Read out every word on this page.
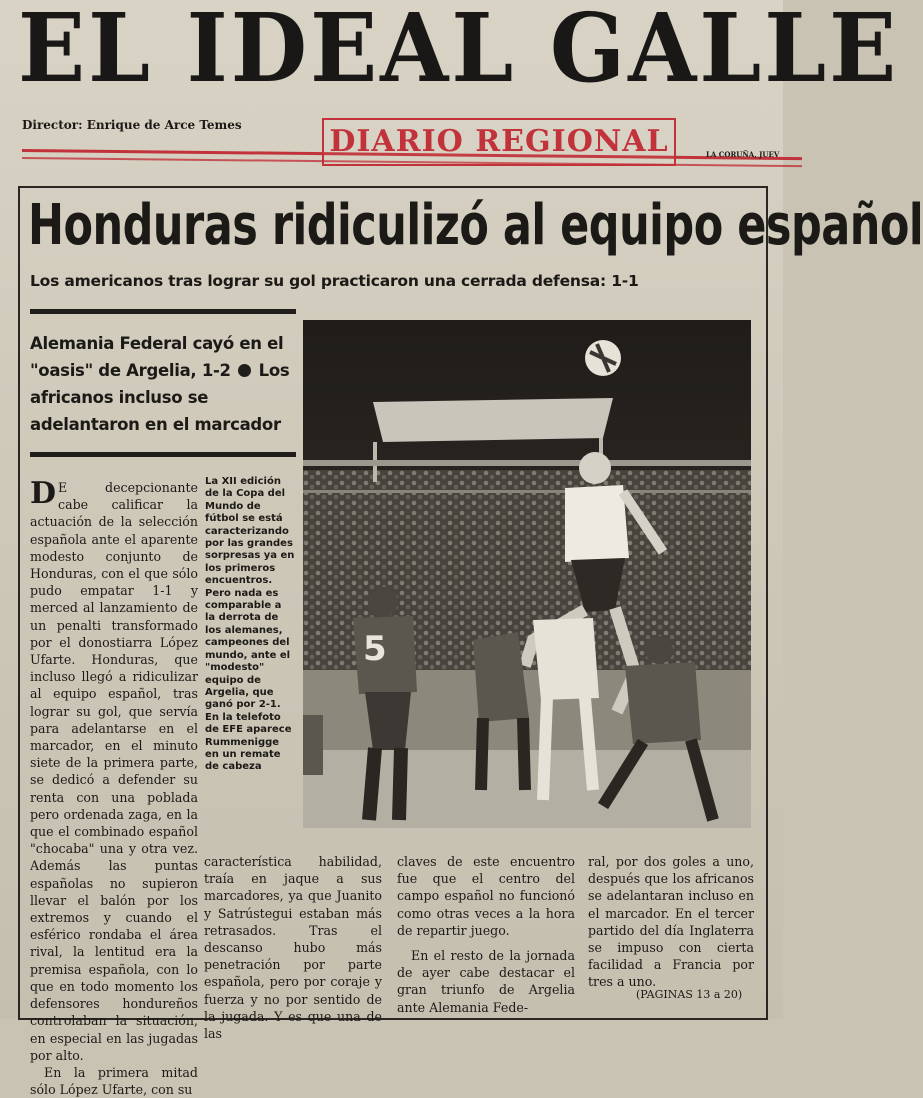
EL IDEAL GALLE
Director: Enrique de Arce Temes	DIARIO REGIONAL	LA CORUÑA, JUEV
Honduras ridiculizó al equipo español
Los americanos tras lograr su gol practicaron una cerrada defensa: 1-1
Alemania Federal cayó en el "oasis" de Argelia, 1-2 Los africanos incluso se adelantaron en el marcador

D E decepcionante cabe calificar la actuación de la selección española ante el aparente modesto conjunto de Honduras, con el que sólo pudo empatar 1-1 y merced al lanzamiento de un penalti transformado por el donostiarra López Ufarte. Honduras, que incluso llegó a ridiculizar al equipo español, tras lograr su gol, que servía para adelantarse en el marcador, en el minuto siete de la primera parte, se dedicó a defender su renta con una poblada pero ordenada zaga, en la que el combinado español "chocaba" una y otra vez. Además las puntas españolas no supieron llevar el balón por los extremos y cuando el esférico rondaba el área rival, la lentitud era la premisa española, con lo que en todo momento los defensores hondureños controlaban la situación, en especial en las jugadas por alto.

En la primera mitad sólo López Ufarte, con su

La XII edición de la Copa del Mundo de fútbol se está caracterizando por las grandes sorpresas ya en los primeros encuentros. Pero nada es comparable a la derrota de los alemanes, campeones del mundo, ante el "modesto" equipo de Argelia, que ganó por 2-1. En la telefoto de EFE aparece Rummenigge en un remate de cabeza
5

característica habilidad, traía en jaque a sus marcadores, ya que Juanito y Satrústegui estaban más retrasados. Tras el descanso hubo más penetración por parte española, pero por coraje y fuerza y no por sentido de la jugada. Y es que una de las

claves de este encuentro fue que el centro del campo español no funcionó como otras veces a la hora de repartir juego.

En el resto de la jornada de ayer cabe destacar el gran triunfo de Argelia ante Alemania Fede-

ral, por dos goles a uno, después que los africanos se adelantaran incluso en el marcador. En el tercer partido del día Inglaterra se impuso con cierta facilidad a Francia por tres a uno.

(PAGINAS 13 a 20)
